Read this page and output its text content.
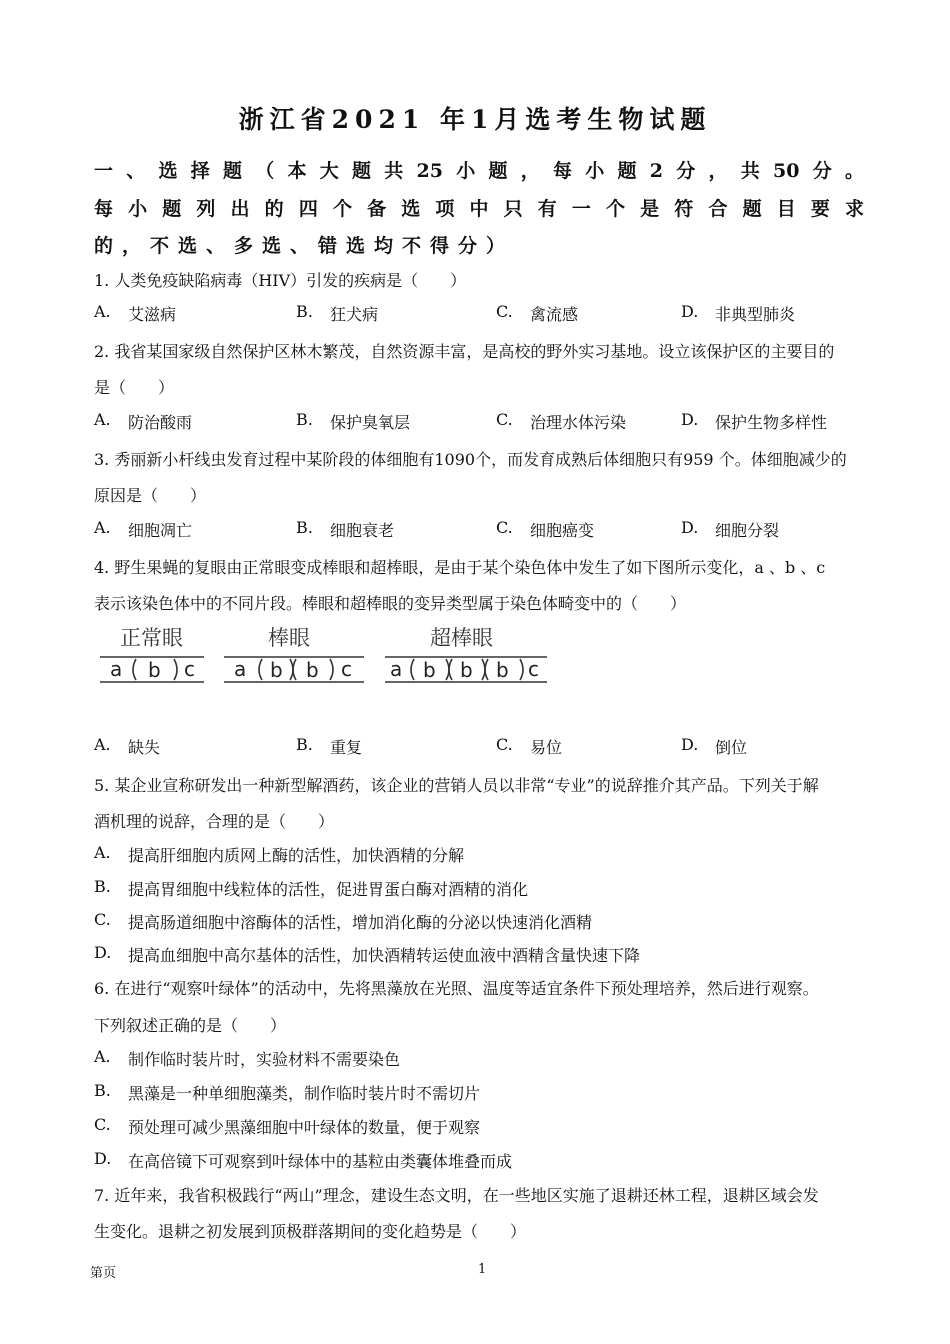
浙江省2021 年1月选考生物试题
一、选择题（本大题共25小题，每小题2分，共50分。
每小题列出的四个备选项中只有一个是符合题目要求
的，不选、多选、错选均不得分）
1. 人类免疫缺陷病毒（HIV）引发的疾病是（　　）
A. 艾滋病	B. 狂犬病	C. 禽流感	D. 非典型肺炎
2. 我省某国家级自然保护区林木繁茂，自然资源丰富，是高校的野外实习基地。设立该保护区的主要目的
是（　　）
A. 防治酸雨	B. 保护臭氧层	C. 治理水体污染	D. 保护生物多样性
3. 秀丽新小杆线虫发育过程中某阶段的体细胞有1090个，而发育成熟后体细胞只有959 个。体细胞减少的
原因是（　　）
A. 细胞凋亡	B. 细胞衰老	C. 细胞癌变	D. 细胞分裂
4. 野生果蝇的复眼由正常眼变成棒眼和超棒眼，是由于某个染色体中发生了如下图所示变化，a 、b 、c
表示该染色体中的不同片段。棒眼和超棒眼的变异类型属于染色体畸变中的（　　）
正常眼	棒眼	超棒眼
a b c a b b c a b b b c
A. 缺失	B. 重复	C. 易位	D. 倒位
5. 某企业宣称研发出一种新型解酒药，该企业的营销人员以非常“专业”的说辞推介其产品。下列关于解
酒机理的说辞，合理的是（　　）
A. 提高肝细胞内质网上酶的活性，加快酒精的分解
B. 提高胃细胞中线粒体的活性，促进胃蛋白酶对酒精的消化
C. 提高肠道细胞中溶酶体的活性，增加消化酶的分泌以快速消化酒精
D. 提高血细胞中高尔基体的活性，加快酒精转运使血液中酒精含量快速下降
6. 在进行“观察叶绿体”的活动中，先将黑藻放在光照、温度等适宜条件下预处理培养，然后进行观察。
下列叙述正确的是（　　）
A. 制作临时装片时，实验材料不需要染色
B. 黑藻是一种单细胞藻类，制作临时装片时不需切片
C. 预处理可减少黑藻细胞中叶绿体的数量，便于观察
D. 在高倍镜下可观察到叶绿体中的基粒由类囊体堆叠而成
7. 近年来，我省积极践行“两山”理念，建设生态文明，在一些地区实施了退耕还林工程，退耕区域会发
生变化。退耕之初发展到顶极群落期间的变化趋势是（　　）
第页	1
